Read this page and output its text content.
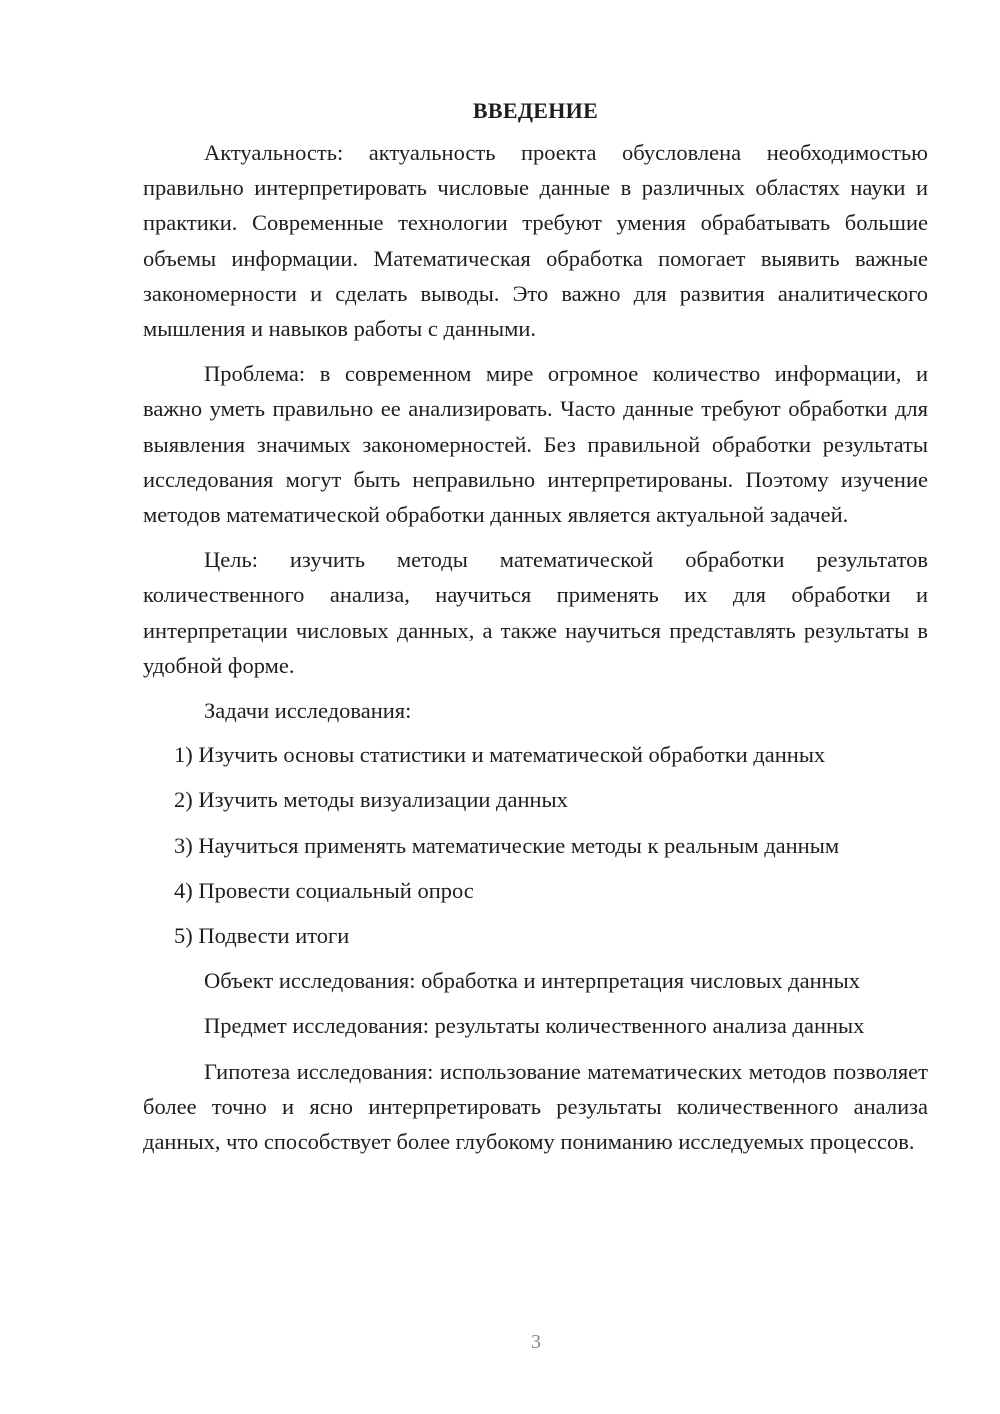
ВВЕДЕНИЕ

Актуальность: актуальность проекта обусловлена необходимостью правильно интерпретировать числовые данные в различных областях науки и практики. Современные технологии требуют умения обрабатывать большие объемы информации. Математическая обработка помогает выявить важные закономерности и сделать выводы. Это важно для развития аналитического мышления и навыков работы с данными.

Проблема: в современном мире огромное количество информации, и важно уметь правильно ее анализировать. Часто данные требуют обработки для выявления значимых закономерностей. Без правильной обработки результаты исследования могут быть неправильно интерпретированы. Поэтому изучение методов математической обработки данных является актуальной задачей.

Цель: изучить методы математической обработки результатов количественного анализа, научиться применять их для обработки и интерпретации числовых данных, а также научиться представлять результаты в удобной форме.

Задачи исследования:

1) Изучить основы статистики и математической обработки данных
2) Изучить методы визуализации данных
3) Научиться применять математические методы к реальным данным
4) Провести социальный опрос
5) Подвести итоги

Объект исследования: обработка и интерпретация числовых данных

Предмет исследования: результаты количественного анализа данных

Гипотеза исследования: использование математических методов позволяет более точно и ясно интерпретировать результаты количественного анализа данных, что способствует более глубокому пониманию исследуемых процессов.

3
